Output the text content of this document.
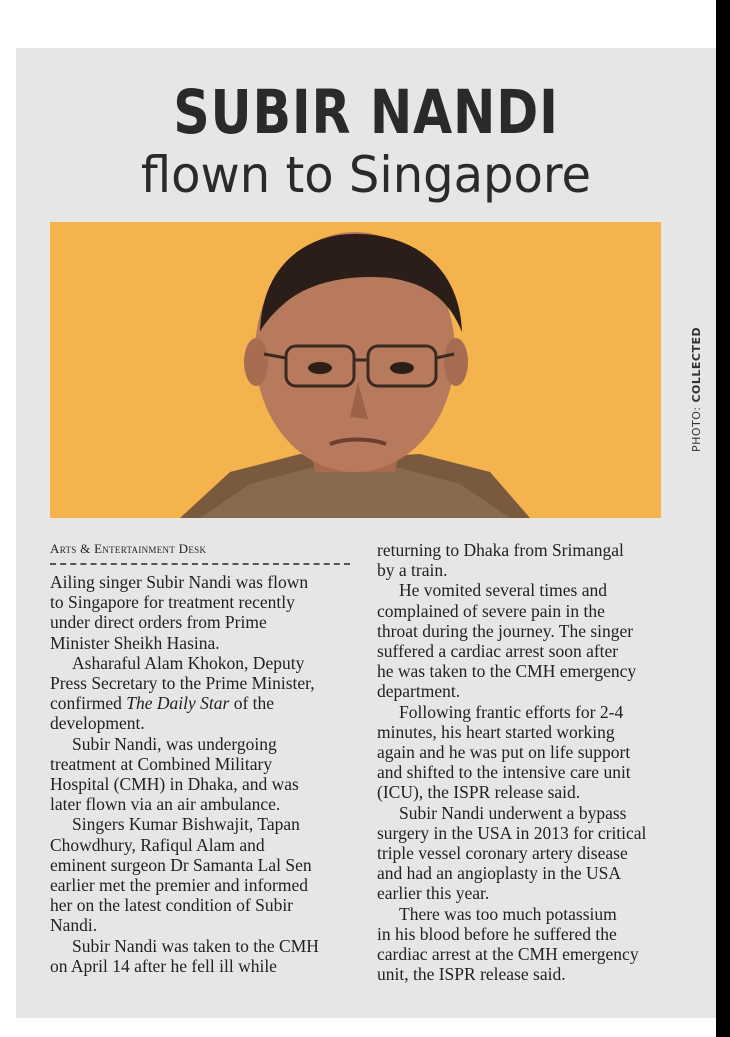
SUBIR NANDI
flown to Singapore
PHOTO: COLLECTED
Arts & Entertainment Desk
Ailing singer Subir Nandi was flown
to Singapore for treatment recently
under direct orders from Prime
Minister Sheikh Hasina.
Asharaful Alam Khokon, Deputy
Press Secretary to the Prime Minister,
confirmed The Daily Star of the
development.
Subir Nandi, was undergoing
treatment at Combined Military
Hospital (CMH) in Dhaka, and was
later flown via an air ambulance.
Singers Kumar Bishwajit, Tapan
Chowdhury, Rafiqul Alam and
eminent surgeon Dr Samanta Lal Sen
earlier met the premier and informed
her on the latest condition of Subir
Nandi.
Subir Nandi was taken to the CMH
on April 14 after he fell ill while
returning to Dhaka from Srimangal
by a train.
He vomited several times and
complained of severe pain in the
throat during the journey. The singer
suffered a cardiac arrest soon after
he was taken to the CMH emergency
department.
Following frantic efforts for 2-4
minutes, his heart started working
again and he was put on life support
and shifted to the intensive care unit
(ICU), the ISPR release said.
Subir Nandi underwent a bypass
surgery in the USA in 2013 for critical
triple vessel coronary artery disease
and had an angioplasty in the USA
earlier this year.
There was too much potassium
in his blood before he suffered the
cardiac arrest at the CMH emergency
unit, the ISPR release said.
